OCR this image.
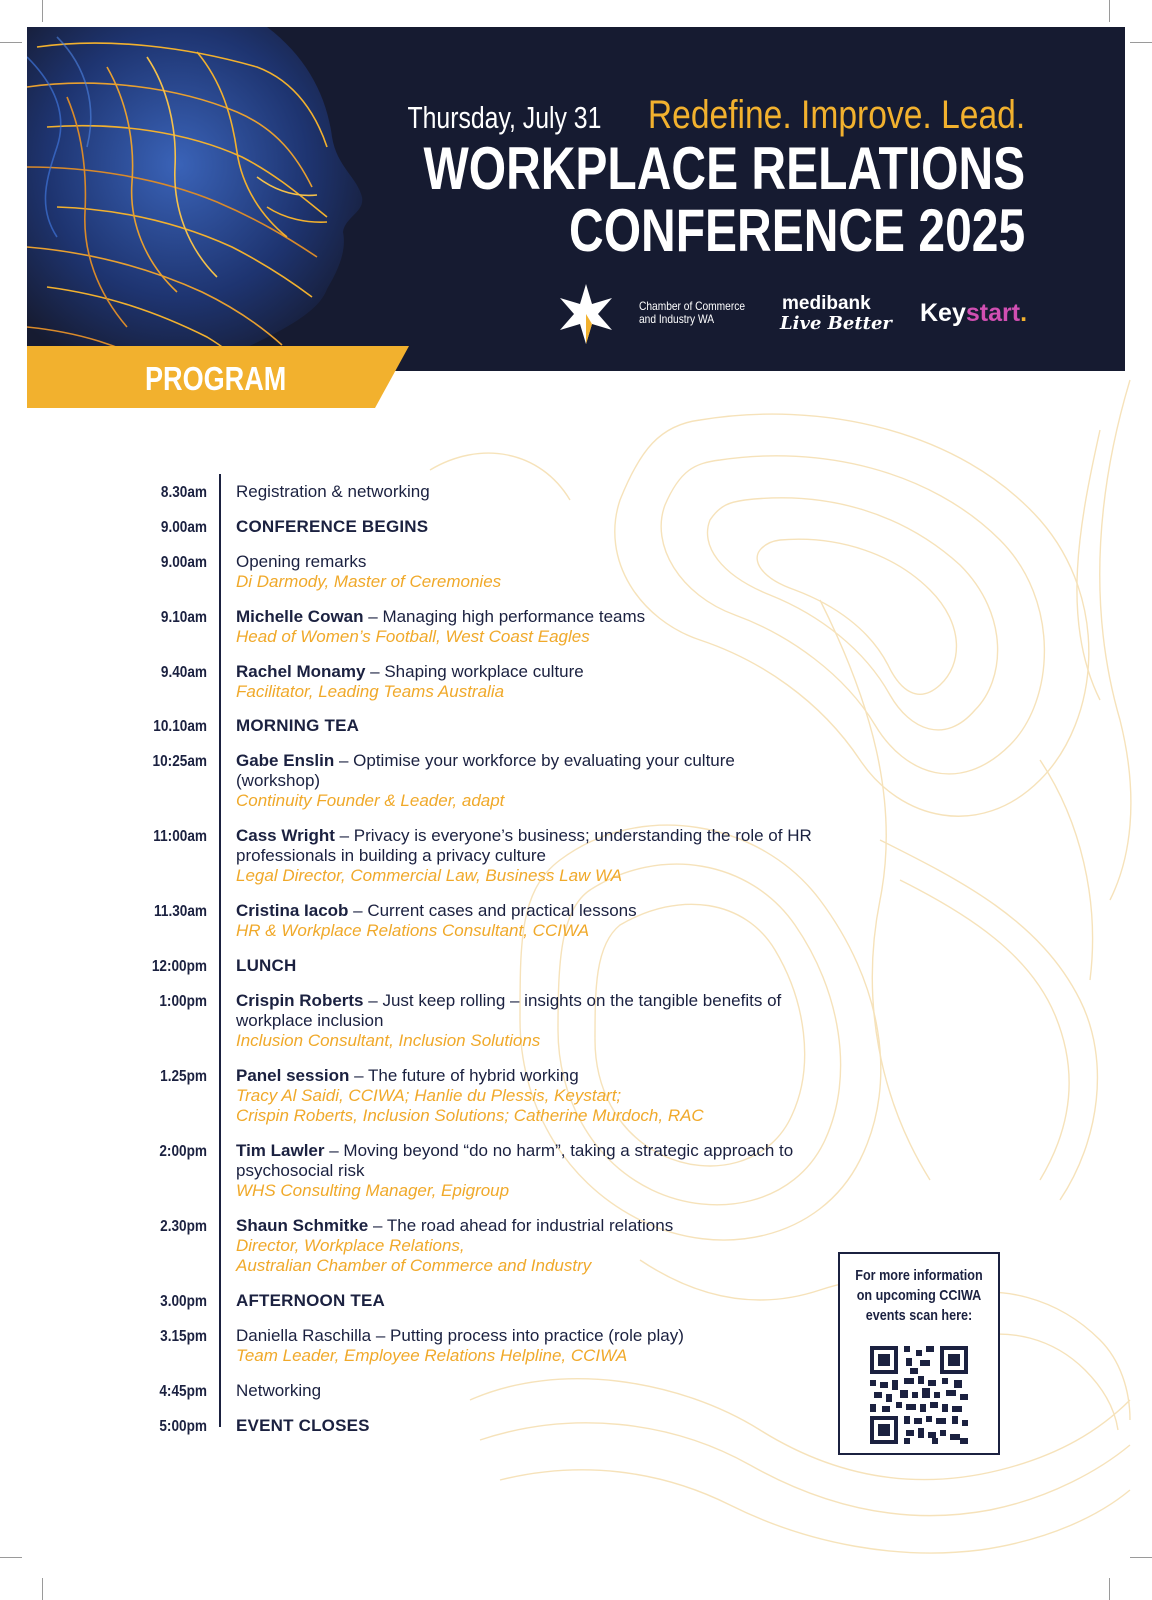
Thursday, July 31 Redefine. Improve. Lead.
WORKPLACE RELATIONS
CONFERENCE 2025
Chamber of Commerce
and Industry WA
medibank
Live Better Keystart.
PROGRAM
8.30am Registration & networking
9.00am CONFERENCE BEGINS
9.00am Opening remarks
Di Darmody, Master of Ceremonies
9.10am Michelle Cowan – Managing high performance teams
Head of Women’s Football, West Coast Eagles
9.40am Rachel Monamy – Shaping workplace culture
Facilitator, Leading Teams Australia
10.10am MORNING TEA
10:25am Gabe Enslin – Optimise your workforce by evaluating your culture (workshop)
Continuity Founder & Leader, adapt
11:00am Cass Wright – Privacy is everyone’s business; understanding the role of HR professionals in building a privacy culture
Legal Director, Commercial Law, Business Law WA
11.30am Cristina Iacob – Current cases and practical lessons
HR & Workplace Relations Consultant, CCIWA
12:00pm LUNCH
1:00pm Crispin Roberts – Just keep rolling – insights on the tangible benefits of workplace inclusion
Inclusion Consultant, Inclusion Solutions
1.25pm Panel session – The future of hybrid working
Tracy Al Saidi, CCIWA; Hanlie du Plessis, Keystart;
Crispin Roberts, Inclusion Solutions; Catherine Murdoch, RAC
2:00pm Tim Lawler – Moving beyond “do no harm”, taking a strategic approach to psychosocial risk
WHS Consulting Manager, Epigroup
2.30pm Shaun Schmitke – The road ahead for industrial relations
Director, Workplace Relations,
Australian Chamber of Commerce and Industry
3.00pm AFTERNOON TEA
3.15pm Daniella Raschilla – Putting process into practice (role play)
Team Leader, Employee Relations Helpline, CCIWA
4:45pm Networking
5:00pm EVENT CLOSES
For more information
on upcoming CCIWA
events scan here:
